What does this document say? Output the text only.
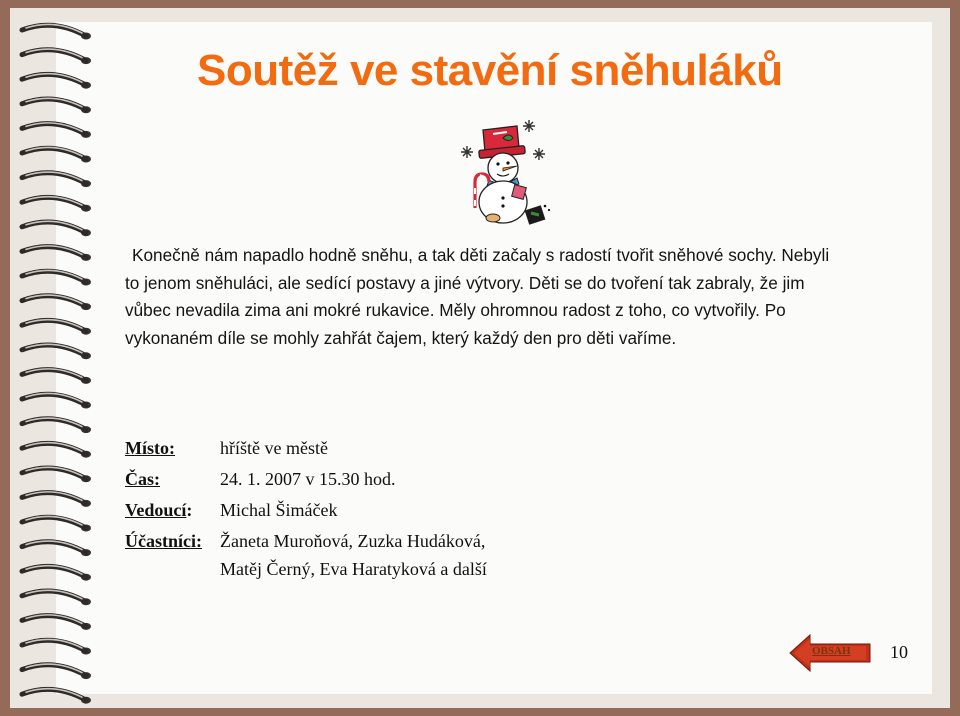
Soutěž ve stavění sněhuláků

Konečně nám napadlo hodně sněhu, a tak děti začaly s radostí tvořit sněhové sochy. Nebyli to jenom sněhuláci, ale sedící postavy a jiné výtvory. Děti se do tvoření tak zabraly, že jim vůbec nevadila zima ani mokré rukavice. Měly ohromnou radost z toho, co vytvořily. Po vykonaném díle se mohly zahřát čajem, který každý den pro děti vaříme.

Místo:	hříště ve městě
Čas:	24. 1. 2007 v 15.30 hod.
Vedoucí: Michal Šimáček
Účastníci: Žaneta Muroňová, Zuzka Hudáková,
Matěj Černý, Eva Haratyková a další
OBSAH 10
